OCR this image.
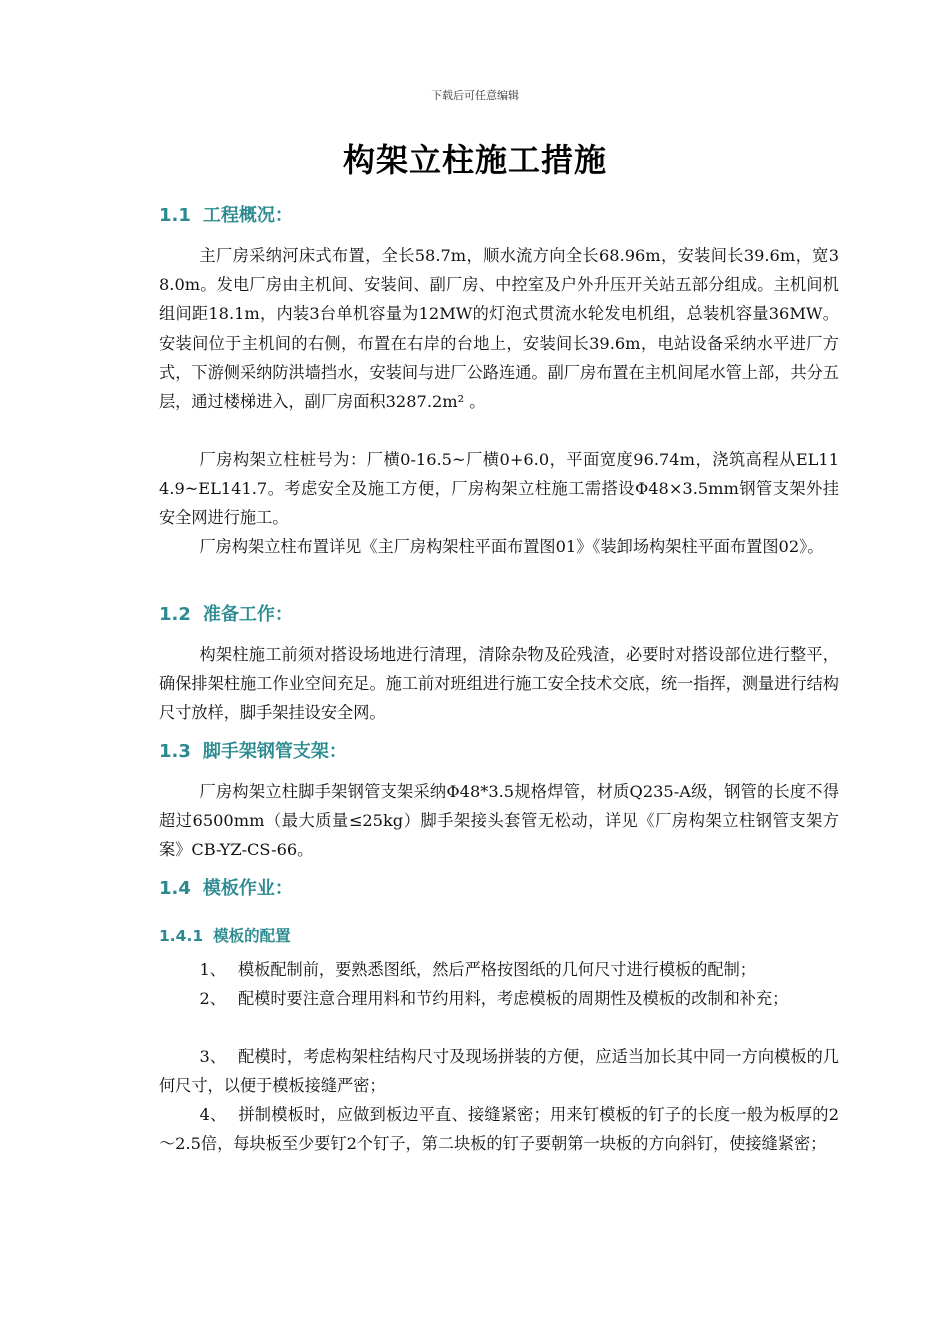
下载后可任意编辑
构架立柱施工措施
1.1 工程概况：

主厂房采纳河床式布置，全长58.7m，顺水流方向全长68.96m，安装间长39.6m，宽38.0m。发电厂房由主机间、安装间、副厂房、中控室及户外升压开关站五部分组成。主机间机组间距18.1m，内装3台单机容量为12MW的灯泡式贯流水轮发电机组，总装机容量36MW。安装间位于主机间的右侧，布置在右岸的台地上，安装间长39.6m，电站设备采纳水平进厂方式，下游侧采纳防洪墙挡水，安装间与进厂公路连通。副厂房布置在主机间尾水管上部，共分五层，通过楼梯进入，副厂房面积3287.2m² 。

厂房构架立柱桩号为：厂横0-16.5~厂横0+6.0，平面宽度96.74m，浇筑高程从EL114.9~EL141.7。考虑安全及施工方便，厂房构架立柱施工需搭设Φ48×3.5mm钢管支架外挂安全网进行施工。

厂房构架立柱布置详见《主厂房构架柱平面布置图01》《装卸场构架柱平面布置图02》。

1.2 准备工作：

构架柱施工前须对搭设场地进行清理，清除杂物及砼残渣，必要时对搭设部位进行整平，确保排架柱施工作业空间充足。施工前对班组进行施工安全技术交底，统一指挥，测量进行结构尺寸放样，脚手架挂设安全网。

1.3 脚手架钢管支架：

厂房构架立柱脚手架钢管支架采纳Φ48*3.5规格焊管，材质Q235-A级，钢管的长度不得超过6500mm（最大质量≤25kg）脚手架接头套管无松动，详见《厂房构架立柱钢管支架方案》CB-YZ-CS-66。

1.4 模板作业：
1.4.1 模板的配置

1、 模板配制前，要熟悉图纸，然后严格按图纸的几何尺寸进行模板的配制；

2、 配模时要注意合理用料和节约用料，考虑模板的周期性及模板的改制和补充；

3、 配模时，考虑构架柱结构尺寸及现场拼装的方便，应适当加长其中同一方向模板的几何尺寸，以便于模板接缝严密；

4、 拼制模板时，应做到板边平直、接缝紧密；用来钉模板的钉子的长度一般为板厚的2～2.5倍，每块板至少要钉2个钉子，第二块板的钉子要朝第一块板的方向斜钉，使接缝紧密；
